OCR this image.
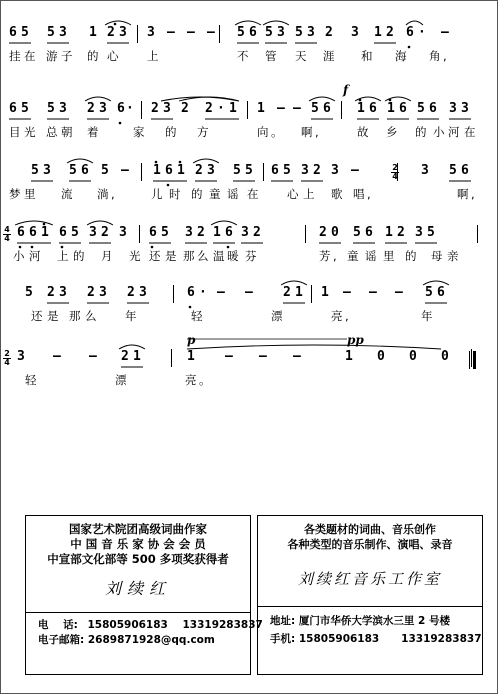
6 5 5 3 1 2 3 3 – – – 5 6 5 3 5 3 2 3 1 2 6 · –
挂 在 游 子 的 心 上	不 管 天 涯 和 海 角 ,
6 5 5 3 2 3 6 · 2 3 2 2 · 1 1 – – 5 6 1 6 1 6 5 6 3 3
目 光 总 朝 着	家 的 方	向 。 啊 ,	故 乡 的 小 河 在
f
5 3 5 6 5 – 1 6 1 2 3 5 5 6 5 3 2 3 –	3 5 6
梦 里 流 淌 ,	儿 时 的 童 谣 在 心 上 歌 唱 ,	啊 ,
2
4
6 6 1 6 5 3 2 3 6 5 3 2 1 6 3 2	2 0 5 6 1 2 3 5
小 河 上 的 月 光 还 是 那 么 温 暖 芬	芳 , 童 谣 里 的 母 亲
4
4
5 2 3 2 3 2 3	6 · – – 2 1 1 – – – 5 6
还 是 那 么 年	轻	漂	亮 ,	年
3 – – 2 1	1 – – –	1 0 0 0
轻	漂	亮 。
2
4
p	pp
国家艺术院团高级词曲作家
中 国 音 乐 家 协 会 会 员
中宣部文化部等 500 多项奖获得者
刘续红
电    话: 15805906183    13319283837
电子邮箱: 2689871928@qq.com
各类题材的词曲、音乐创作
各种类型的音乐制作、演唱、录音
刘续红音乐工作室
地址: 厦门市华侨大学滨水三里 2 号楼
手机: 15805906183      13319283837
